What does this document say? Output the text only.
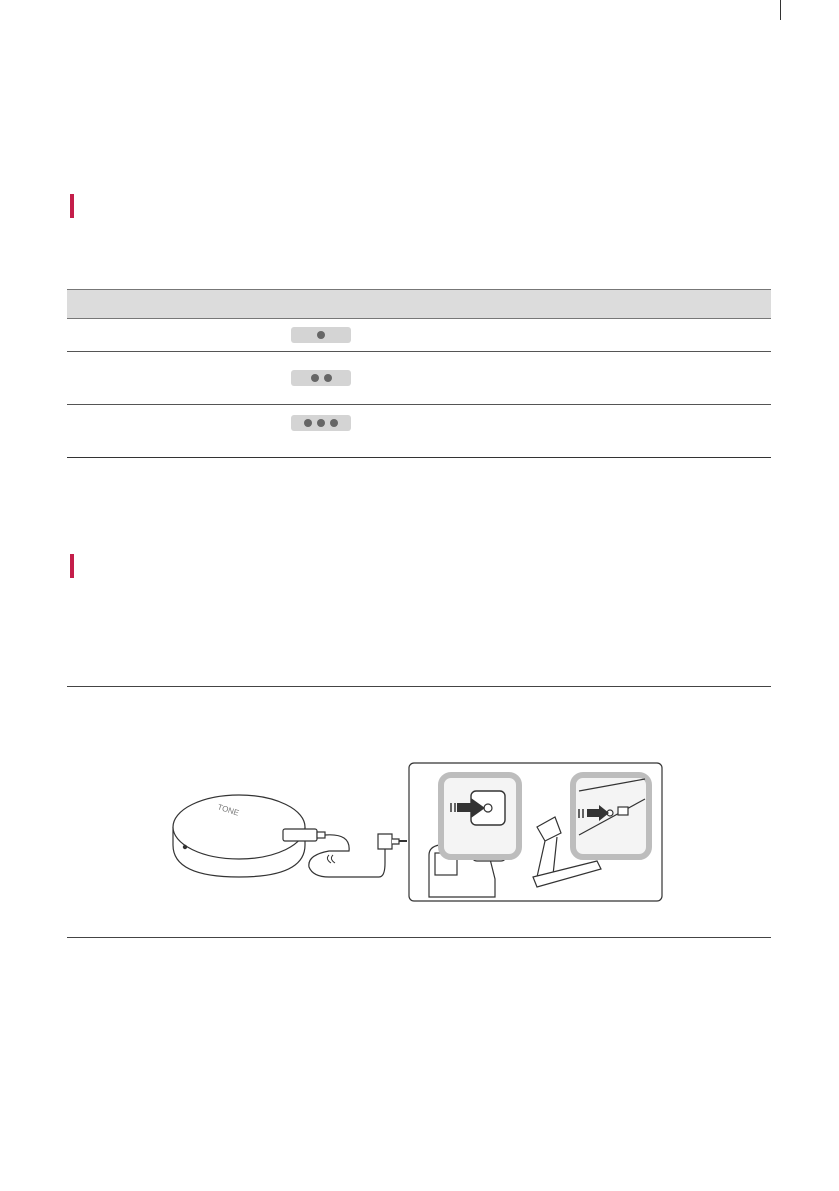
TONE
